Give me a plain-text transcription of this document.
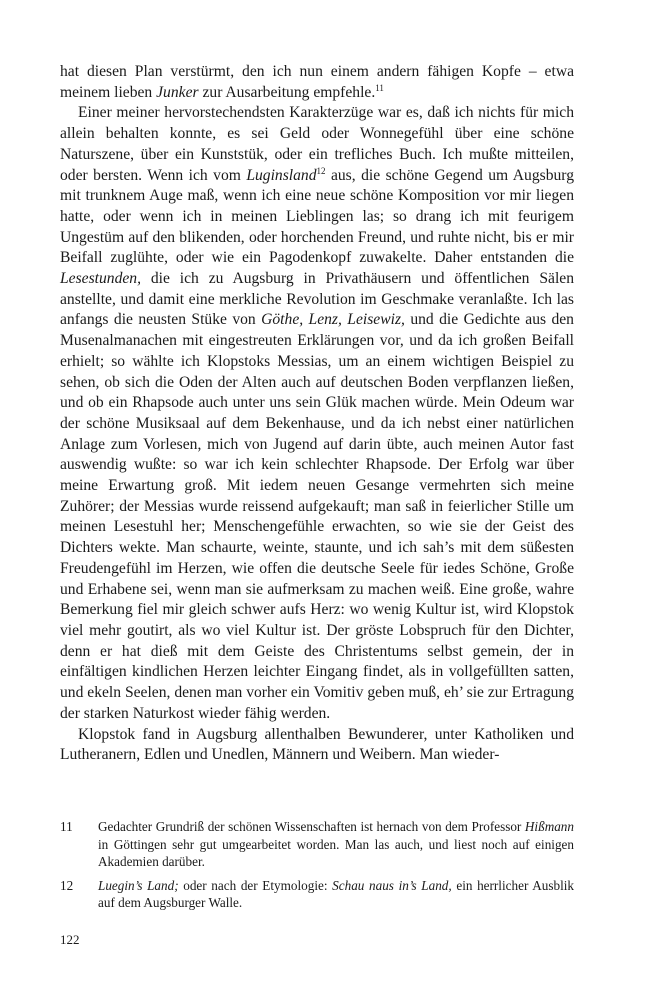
hat diesen Plan verstürmt, den ich nun einem andern fähigen Kopfe – etwa meinem lieben Junker zur Ausarbeitung empfehle.$^{11}$

Einer meiner hervorstechendsten Karakterzüge war es, daß ich nichts für mich allein behalten konnte, es sei Geld oder Wonnegefühl über eine schöne Naturszene, über ein Kunststük, oder ein trefliches Buch. Ich mußte mitteilen, oder bersten. Wenn ich vom Luginsland$^{12}$ aus, die schöne Gegend um Augsburg mit trunknem Auge maß, wenn ich eine neue schöne Komposition vor mir liegen hatte, oder wenn ich in meinen Lieblingen las; so drang ich mit feurigem Ungestüm auf den blikenden, oder horchenden Freund, und ruhte nicht, bis er mir Beifall zuglühte, oder wie ein Pagodenkopf zuwakelte. Daher entstanden die Lesestunden, die ich zu Augsburg in Privathäusern und öffentlichen Sälen anstellte, und damit eine merkliche Revolution im Geschmake veranlaßte. Ich las anfangs die neusten Stüke von Göthe, Lenz, Leisewiz, und die Gedichte aus den Musenalmanachen mit eingestreuten Erklärungen vor, und da ich großen Beifall erhielt; so wählte ich Klopstoks Messias, um an einem wichtigen Beispiel zu sehen, ob sich die Oden der Alten auch auf deutschen Boden verpflanzen ließen, und ob ein Rhapsode auch unter uns sein Glük machen würde. Mein Odeum war der schöne Musiksaal auf dem Bekenhause, und da ich nebst einer natürlichen Anlage zum Vorlesen, mich von Jugend auf darin übte, auch meinen Autor fast auswendig wußte: so war ich kein schlechter Rhapsode. Der Erfolg war über meine Erwartung groß. Mit iedem neuen Gesange vermehrten sich meine Zuhörer; der Messias wurde reissend aufgekauft; man saß in feierlicher Stille um meinen Lesestuhl her; Menschengefühle erwachten, so wie sie der Geist des Dichters wekte. Man schaurte, weinte, staunte, und ich sah’s mit dem süßesten Freudengefühl im Herzen, wie offen die deutsche Seele für iedes Schöne, Große und Erhabene sei, wenn man sie aufmerksam zu machen weiß. Eine große, wahre Bemerkung fiel mir gleich schwer aufs Herz: wo wenig Kultur ist, wird Klopstok viel mehr goutirt, als wo viel Kultur ist. Der gröste Lobspruch für den Dichter, denn er hat dieß mit dem Geiste des Christentums selbst gemein, der in einfältigen kindlichen Herzen leichter Eingang findet, als in vollgefüllten satten, und ekeln Seelen, denen man vorher ein Vomitiv geben muß, eh’ sie zur Ertragung der starken Naturkost wieder fähig werden.

Klopstok fand in Augsburg allenthalben Bewunderer, unter Katholiken und Lutheranern, Edlen und Unedlen, Männern und Weibern. Man wieder-

11	Gedachter Grundriß der schönen Wissenschaften ist hernach von dem Professor Hißmann in Göttingen sehr gut umgearbeitet worden. Man las auch, und liest noch auf einigen Akademien darüber.
12	Luegin’s Land; oder nach der Etymologie: Schau naus in’s Land, ein herrlicher Ausblik auf dem Augsburger Walle.
122
